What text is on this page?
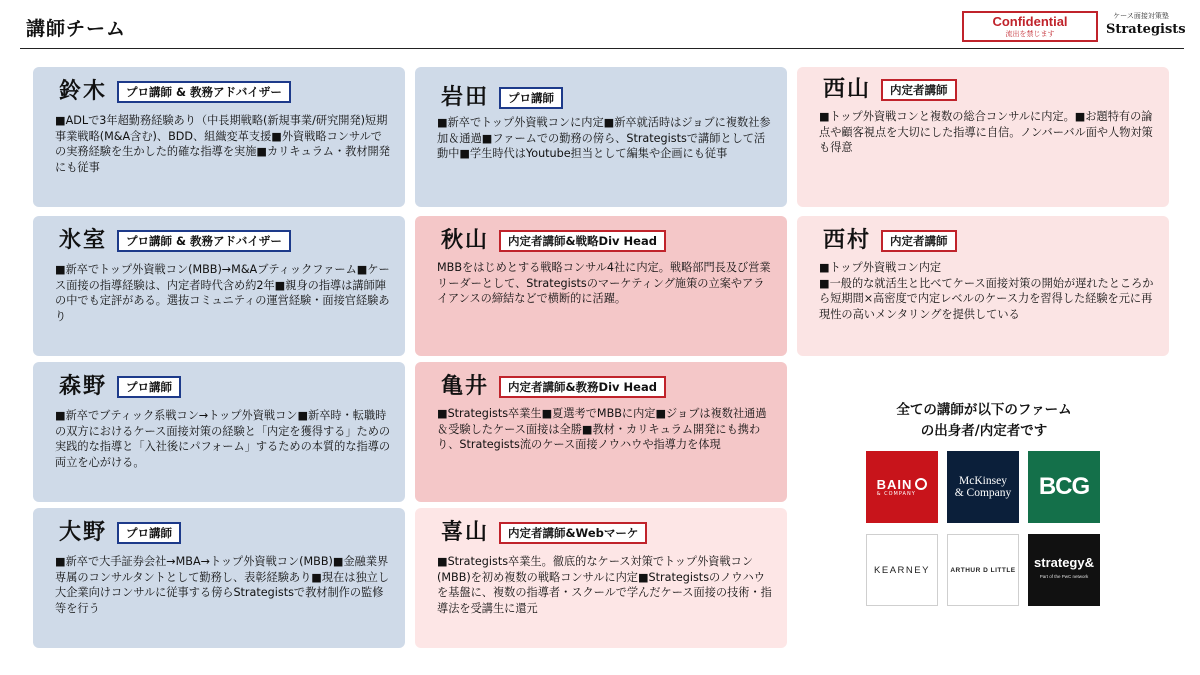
講師チーム	Confidential
流出を禁じます
ケース面接対策塾
Strategists
鈴木	プロ講師 & 教務アドバイザー
■ADLで3年超勤務経験あり（中長期戦略(新規事業/研究開発)短期事業戦略(M&A含む)、BDD、組織変革支援■外資戦略コンサルでの実務経験を生かした的確な指導を実施■カリキュラム・教材開発にも従事
氷室	プロ講師 & 教務アドバイザー
■新卒でトップ外資戦コン(MBB)→M&Aブティックファーム■ケース面接の指導経験は、内定者時代含め約2年■親身の指導は講師陣の中でも定評がある。選抜コミュニティの運営経験・面接官経験あり
森野	プロ講師
■新卒でブティック系戦コン→トップ外資戦コン■新卒時・転職時の双方におけるケース面接対策の経験と「内定を獲得する」ための実践的な指導と「入社後にパフォーム」するための本質的な指導の両立を心がける。
大野	プロ講師
■新卒で大手証券会社→MBA→トップ外資戦コン(MBB)■金融業界専属のコンサルタントとして勤務し、表彰経験あり■現在は独立し大企業向けコンサルに従事する傍らStrategistsで教材制作の監修等を行う
岩田	プロ講師
■新卒でトップ外資戦コンに内定■新卒就活時はジョブに複数社参加＆通過■ファームでの勤務の傍ら、Strategistsで講師として活動中■学生時代はYoutube担当として編集や企画にも従事
秋山	内定者講師&戦略Div Head
MBBをはじめとする戦略コンサル4社に内定。戦略部門長及び営業リーダーとして、Strategistsのマーケティング施策の立案やアライアンスの締結などで横断的に活躍。
亀井	内定者講師&教務Div Head
■Strategists卒業生■夏選考でMBBに内定■ジョブは複数社通過＆受験したケース面接は全勝■教材・カリキュラム開発にも携わり、Strategists流のケース面接ノウハウや指導力を体現
喜山	内定者講師&Webマーケ
■Strategists卒業生。徹底的なケース対策でトップ外資戦コン(MBB)を初め複数の戦略コンサルに内定■Strategistsのノウハウを基盤に、複数の指導者・スクールで学んだケース面接の技術・指導法を受講生に還元
西山	内定者講師
■トップ外資戦コンと複数の総合コンサルに内定。■お題特有の論点や顧客視点を大切にした指導に自信。ノンバーバル面や人物対策も得意
西村	内定者講師
■トップ外資戦コン内定
■一般的な就活生と比べてケース面接対策の開始が遅れたところから短期間×高密度で内定レベルのケース力を習得した経験を元に再現性の高いメンタリングを提供している
全ての講師が以下のファーム
の出身者/内定者です
BAIN
& COMPANY
McKinsey
& Company BCG
KEARNEY	ARTHUR D LITTLE strategy&
Part of the PwC network
